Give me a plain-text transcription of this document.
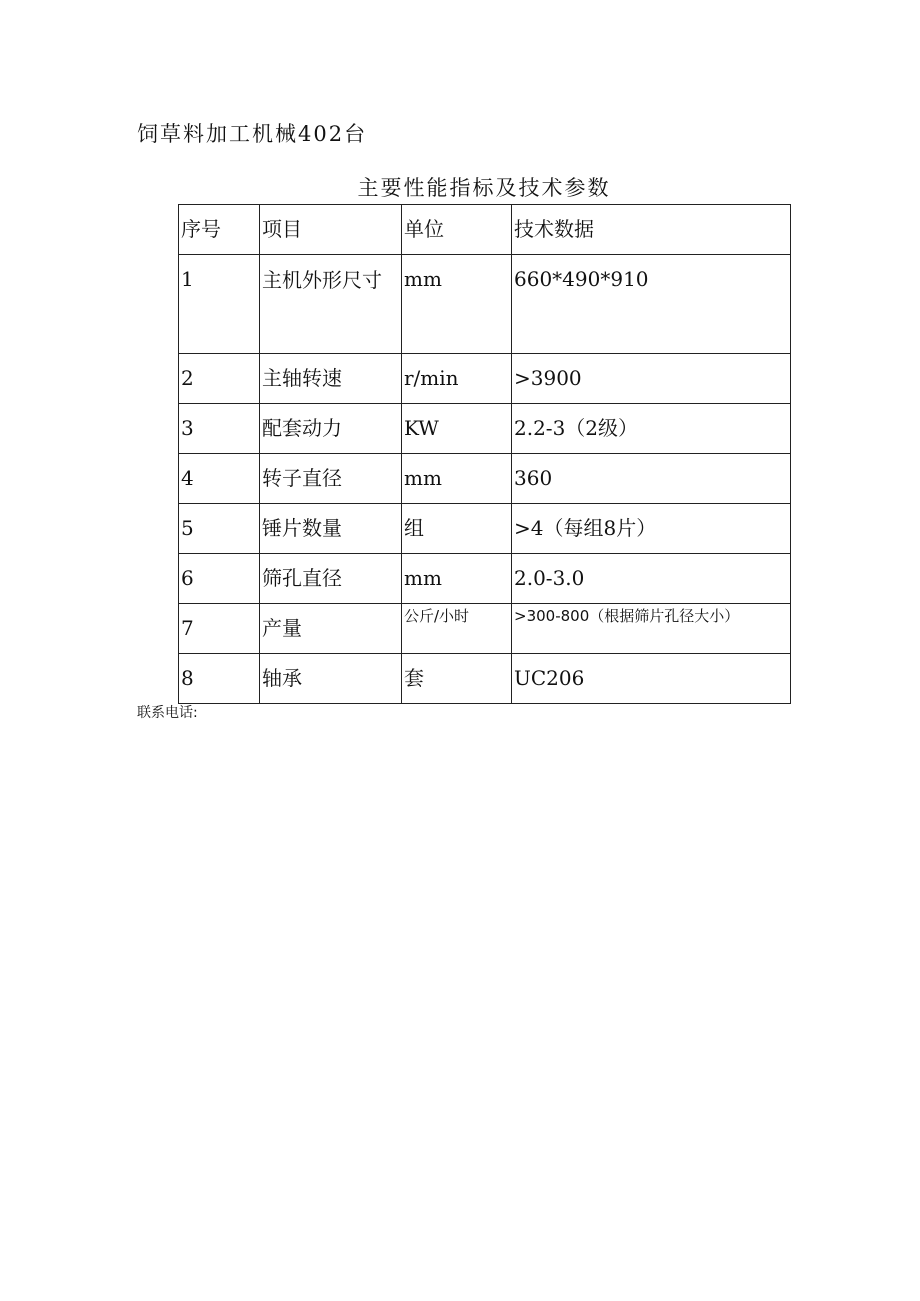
饲草料加工机械402台
主要性能指标及技术参数
序号	项目	单位	技术数据
1	主机外形尺寸	mm	660*490*910
2	主轴转速	r/min	>3900
3	配套动力	KW	2.2-3（2级）
4	转子直径	mm	360
5	锤片数量	组	>4（每组8片）
6	筛孔直径	mm	2.0-3.0
7	产量	公斤/小时	>300-800（根据筛片孔径大小）
8	轴承	套	UC206

联系电话:
